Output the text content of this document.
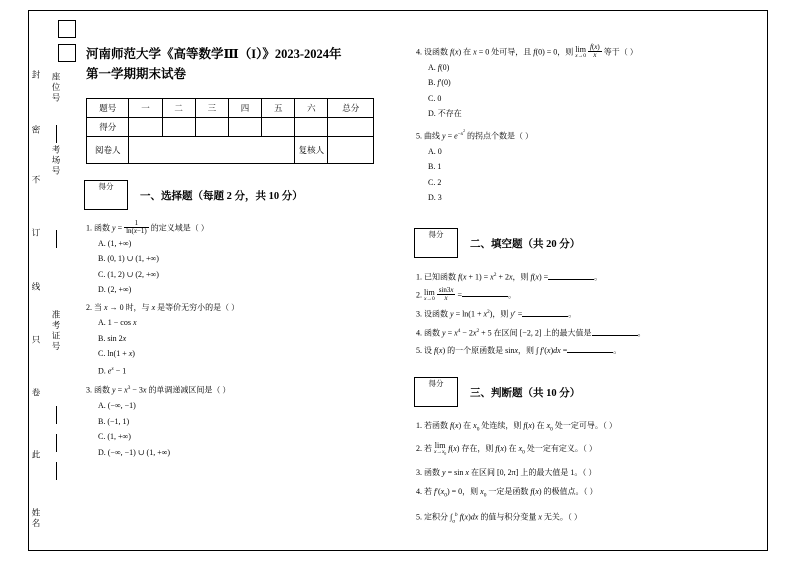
封
密
不
订
线
只
卷
此
姓名
座位号
考场号
准考证号
河南师范大学《高等数学Ⅲ（I）》2023-2024年
第一学期期末试卷
题号	一	二	三	四	五	六	总分
得分							
阅卷人						复核人	
得分
一、选择题（每题 2 分，共 10 分）
1. 函数 $y = \frac{1}{\ln(x-1)}$ 的定义域是（ ）
A. (1, +∞)
B. (0, 1) ∪ (1, +∞)
C. (1, 2) ∪ (2, +∞)
D. (2, +∞)
2. 当 x → 0 时，与 x 是等价无穷小的是（ ）
A. 1 − cos x
B. sin 2x
C. ln(1 + x)
D. $e^x - 1$
3. 函数 $y = x^3 - 3x$ 的单调递减区间是（ ）
A. (−∞, −1)
B. (−1, 1)
C. (1, +∞)
D. (−∞, −1) ∪ (1, +∞)
4. 设函数 f(x) 在 x = 0 处可导，且 f(0) = 0，则 lim
x→0
$\frac{f(x)}{x}$ 等于（ ）
A. f(0)
B. f′(0)
C. 0
D. 不存在
5. 曲线 $y = e^{-x^2}$ 的拐点个数是（ ）
A. 0
B. 1
C. 2
D. 3
得分
二、填空题（共 20 分）
1. 已知函数 $f(x + 1) = x^2 + 2x$，则 f(x) =	。
2. lim
x→0
$\frac{\sin 3x}{x}$ =	。
3. 设函数 $y = \ln(1 + x^2)$，则 y′ =	。
4. 函数 $y = x^4 - 2x^2 + 5$ 在区间 [−2, 2] 上的最大值是	。
5. 设 f(x) 的一个原函数是 sinx，则 ∫ f′(x)dx =	。
得分
三、判断题（共 10 分）
1. 若函数 f(x) 在 $x_0$ 处连续，则 f(x) 在 $x_0$ 处一定可导。（ ）
2. 若 lim
$x\to x_0$
f(x) 存在，则 f(x) 在 $x_0$ 处一定有定义。（ ）
3. 函数 y = sin x 在区间 [0, 2π] 上的最大值是 1。（ ）
4. 若 $f'(x_0) = 0$，则 $x_0$ 一定是函数 f(x) 的极值点。（ ）
5. 定积分 $\int_a^b$ f(x)dx 的值与积分变量 x 无关。（ ）
